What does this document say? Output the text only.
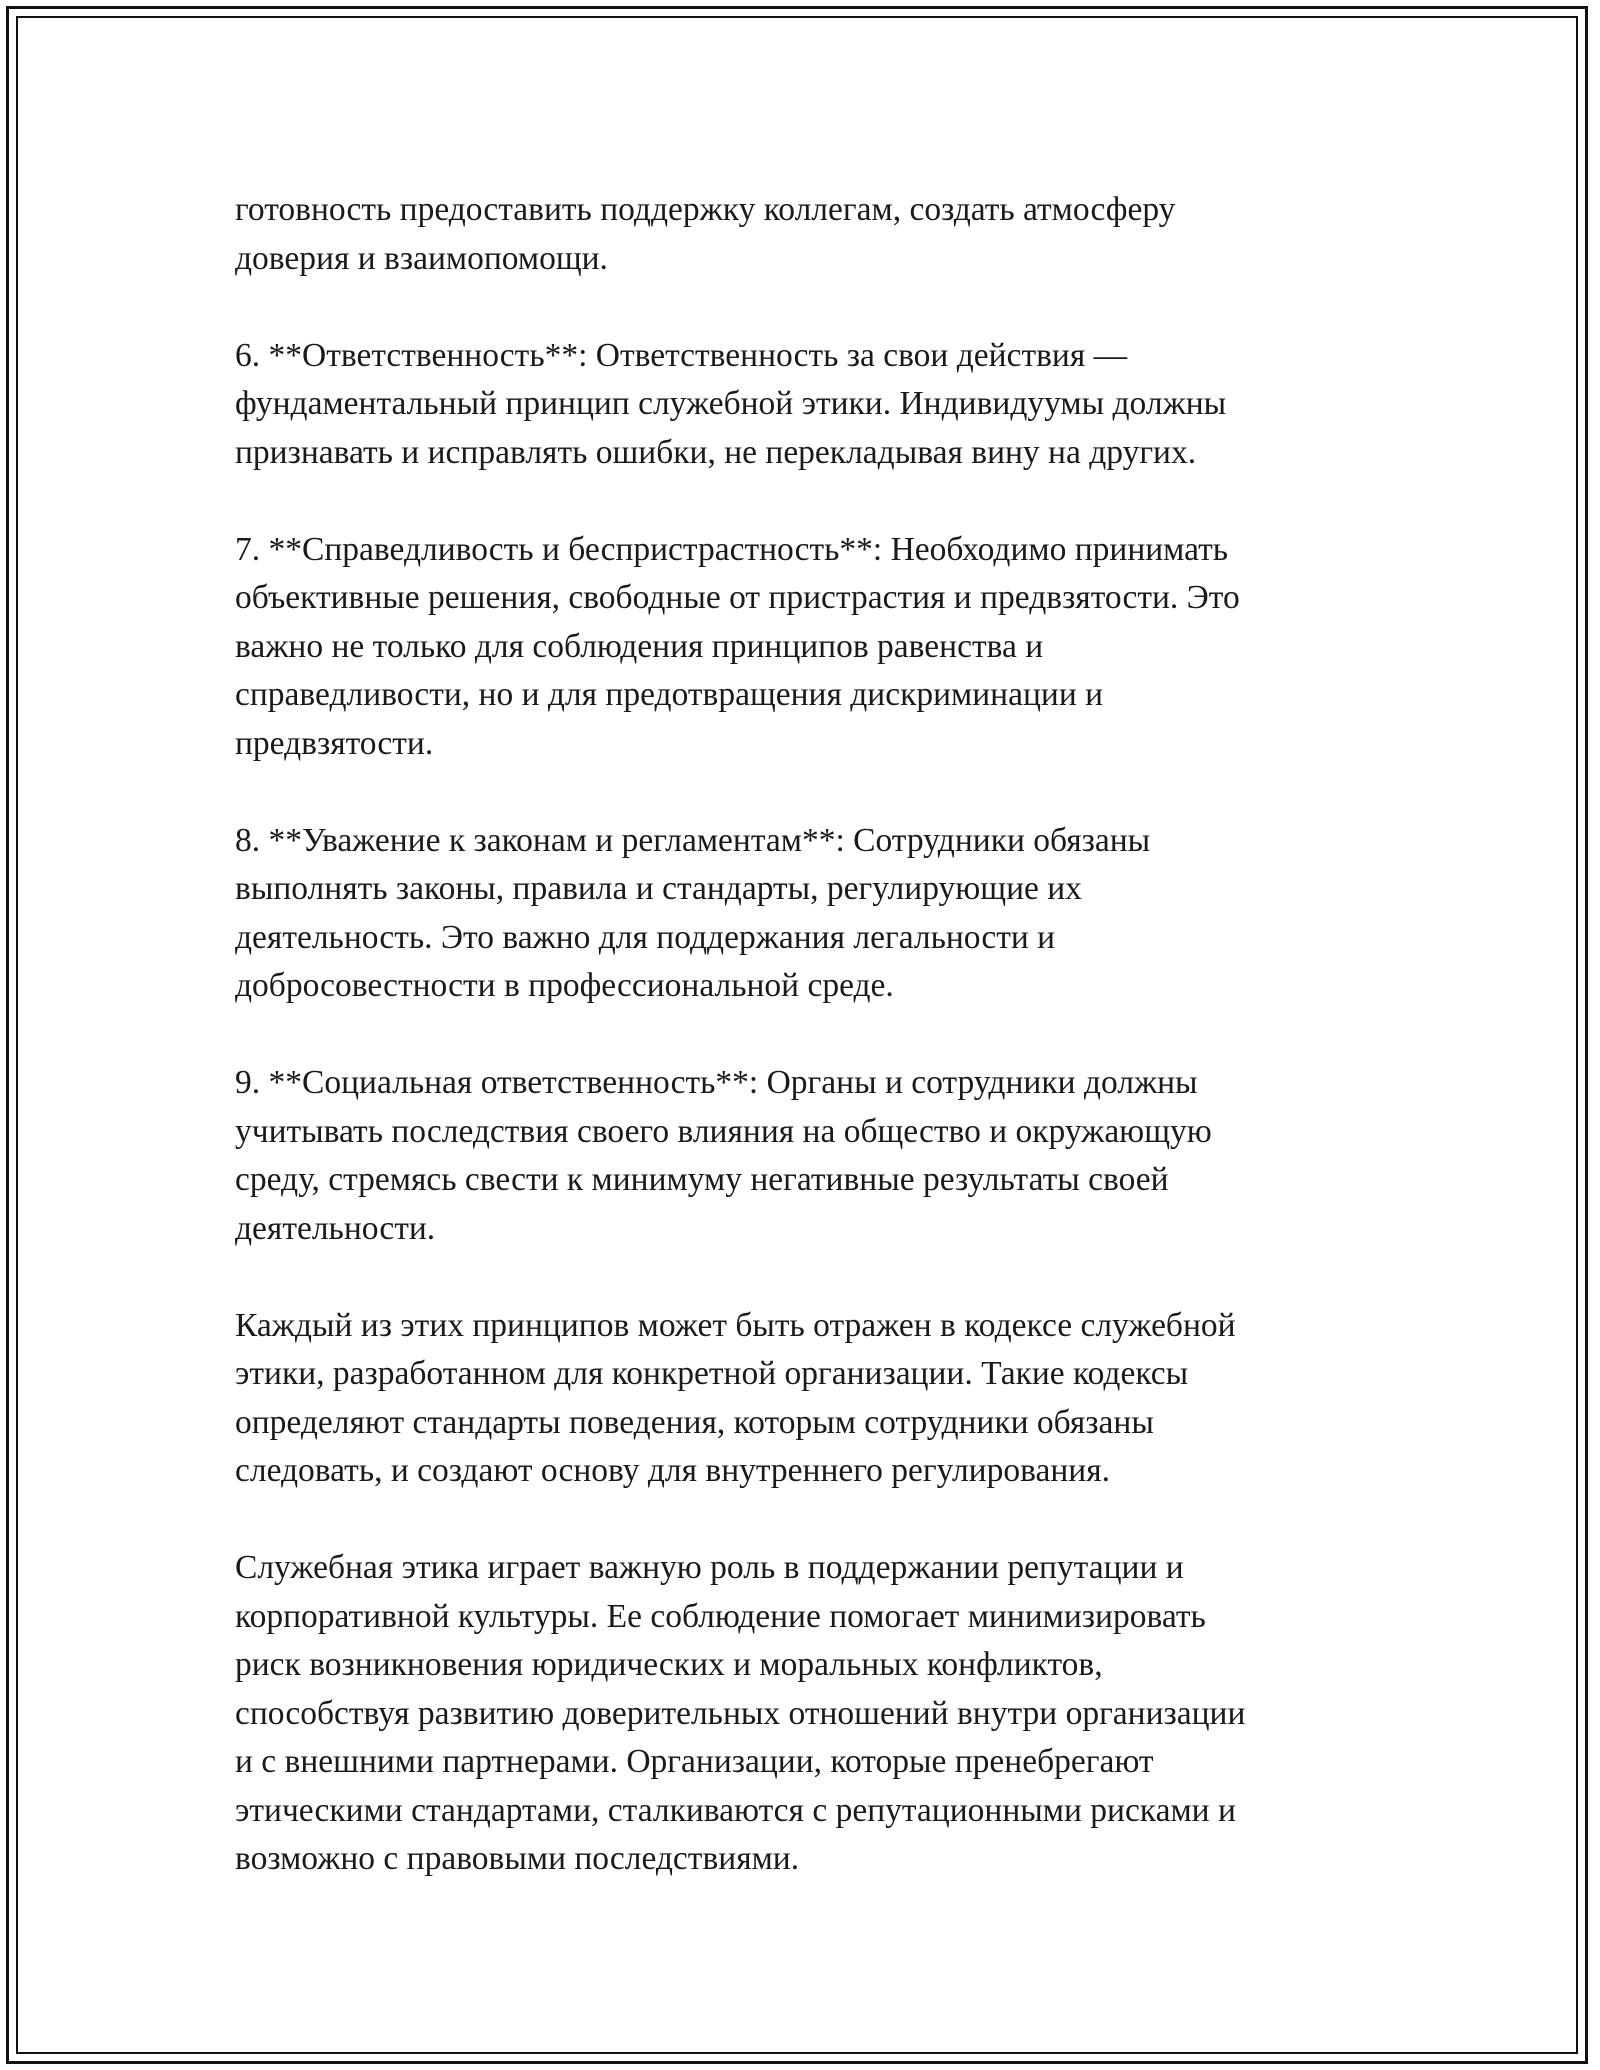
готовность предоставить поддержку коллегам, создать атмосферу
доверия и взаимопомощи.

6. **Ответственность**: Ответственность за свои действия —
фундаментальный принцип служебной этики. Индивидуумы должны
признавать и исправлять ошибки, не перекладывая вину на других.

7. **Справедливость и беспристрастность**: Необходимо принимать
объективные решения, свободные от пристрастия и предвзятости. Это
важно не только для соблюдения принципов равенства и
справедливости, но и для предотвращения дискриминации и
предвзятости.

8. **Уважение к законам и регламентам**: Сотрудники обязаны
выполнять законы, правила и стандарты, регулирующие их
деятельность. Это важно для поддержания легальности и
добросовестности в профессиональной среде.

9. **Социальная ответственность**: Органы и сотрудники должны
учитывать последствия своего влияния на общество и окружающую
среду, стремясь свести к минимуму негативные результаты своей
деятельности.

Каждый из этих принципов может быть отражен в кодексе служебной
этики, разработанном для конкретной организации. Такие кодексы
определяют стандарты поведения, которым сотрудники обязаны
следовать, и создают основу для внутреннего регулирования.

Служебная этика играет важную роль в поддержании репутации и
корпоративной культуры. Ее соблюдение помогает минимизировать
риск возникновения юридических и моральных конфликтов,
способствуя развитию доверительных отношений внутри организации
и с внешними партнерами. Организации, которые пренебрегают
этическими стандартами, сталкиваются с репутационными рисками и
возможно с правовыми последствиями.
